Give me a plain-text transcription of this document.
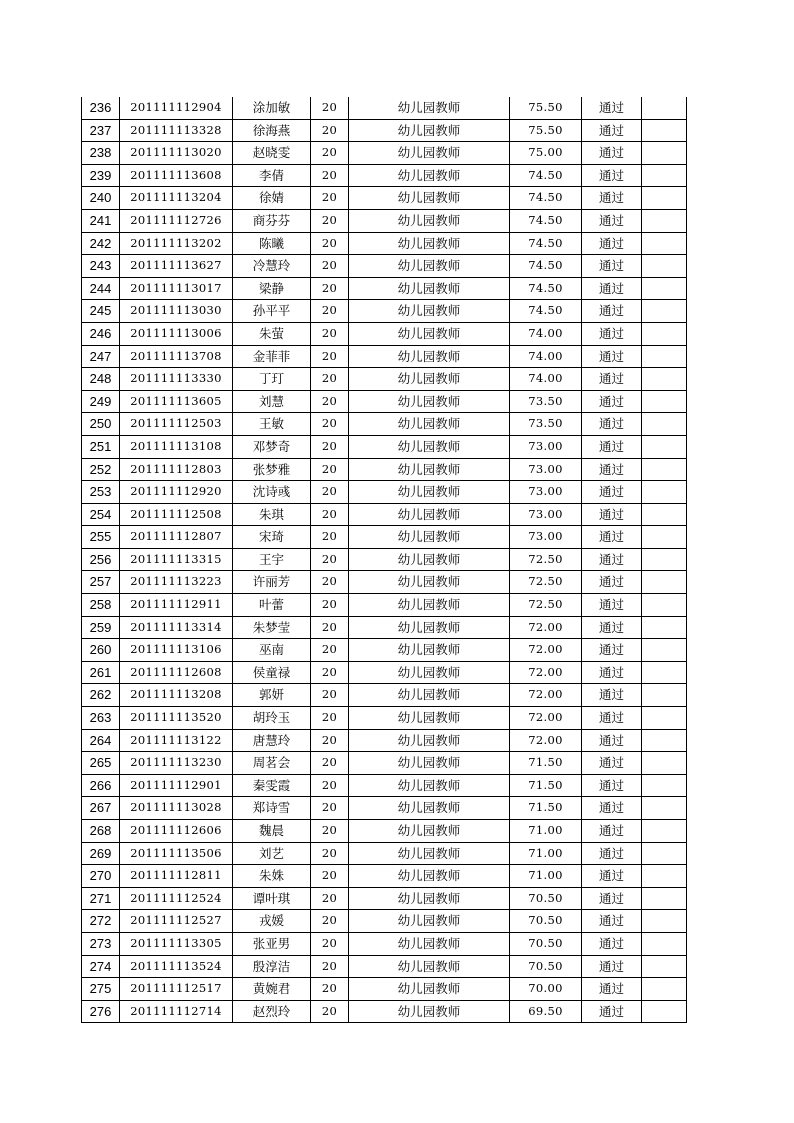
236	201111112904	涂加敏	20	幼儿园教师	75.50	通过	
237	201111113328	徐海燕	20	幼儿园教师	75.50	通过	
238	201111113020	赵晓雯	20	幼儿园教师	75.00	通过	
239	201111113608	李倩	20	幼儿园教师	74.50	通过	
240	201111113204	徐婧	20	幼儿园教师	74.50	通过	
241	201111112726	商芬芬	20	幼儿园教师	74.50	通过	
242	201111113202	陈曦	20	幼儿园教师	74.50	通过	
243	201111113627	冷慧玲	20	幼儿园教师	74.50	通过	
244	201111113017	梁静	20	幼儿园教师	74.50	通过	
245	201111113030	孙平平	20	幼儿园教师	74.50	通过	
246	201111113006	朱萤	20	幼儿园教师	74.00	通过	
247	201111113708	金菲菲	20	幼儿园教师	74.00	通过	
248	201111113330	丁玎	20	幼儿园教师	74.00	通过	
249	201111113605	刘慧	20	幼儿园教师	73.50	通过	
250	201111112503	王敏	20	幼儿园教师	73.50	通过	
251	201111113108	邓梦奇	20	幼儿园教师	73.00	通过	
252	201111112803	张梦雅	20	幼儿园教师	73.00	通过	
253	201111112920	沈诗彧	20	幼儿园教师	73.00	通过	
254	201111112508	朱琪	20	幼儿园教师	73.00	通过	
255	201111112807	宋琦	20	幼儿园教师	73.00	通过	
256	201111113315	王宇	20	幼儿园教师	72.50	通过	
257	201111113223	许丽芳	20	幼儿园教师	72.50	通过	
258	201111112911	叶蕾	20	幼儿园教师	72.50	通过	
259	201111113314	朱梦莹	20	幼儿园教师	72.00	通过	
260	201111113106	巫南	20	幼儿园教师	72.00	通过	
261	201111112608	侯童禄	20	幼儿园教师	72.00	通过	
262	201111113208	郭妍	20	幼儿园教师	72.00	通过	
263	201111113520	胡玲玉	20	幼儿园教师	72.00	通过	
264	201111113122	唐慧玲	20	幼儿园教师	72.00	通过	
265	201111113230	周茗会	20	幼儿园教师	71.50	通过	
266	201111112901	秦雯霞	20	幼儿园教师	71.50	通过	
267	201111113028	郑诗雪	20	幼儿园教师	71.50	通过	
268	201111112606	魏晨	20	幼儿园教师	71.00	通过	
269	201111113506	刘艺	20	幼儿园教师	71.00	通过	
270	201111112811	朱姝	20	幼儿园教师	71.00	通过	
271	201111112524	谭叶琪	20	幼儿园教师	70.50	通过	
272	201111112527	戎媛	20	幼儿园教师	70.50	通过	
273	201111113305	张亚男	20	幼儿园教师	70.50	通过	
274	201111113524	殷淳洁	20	幼儿园教师	70.50	通过	
275	201111112517	黄婉君	20	幼儿园教师	70.00	通过	
276	201111112714	赵烈玲	20	幼儿园教师	69.50	通过	
